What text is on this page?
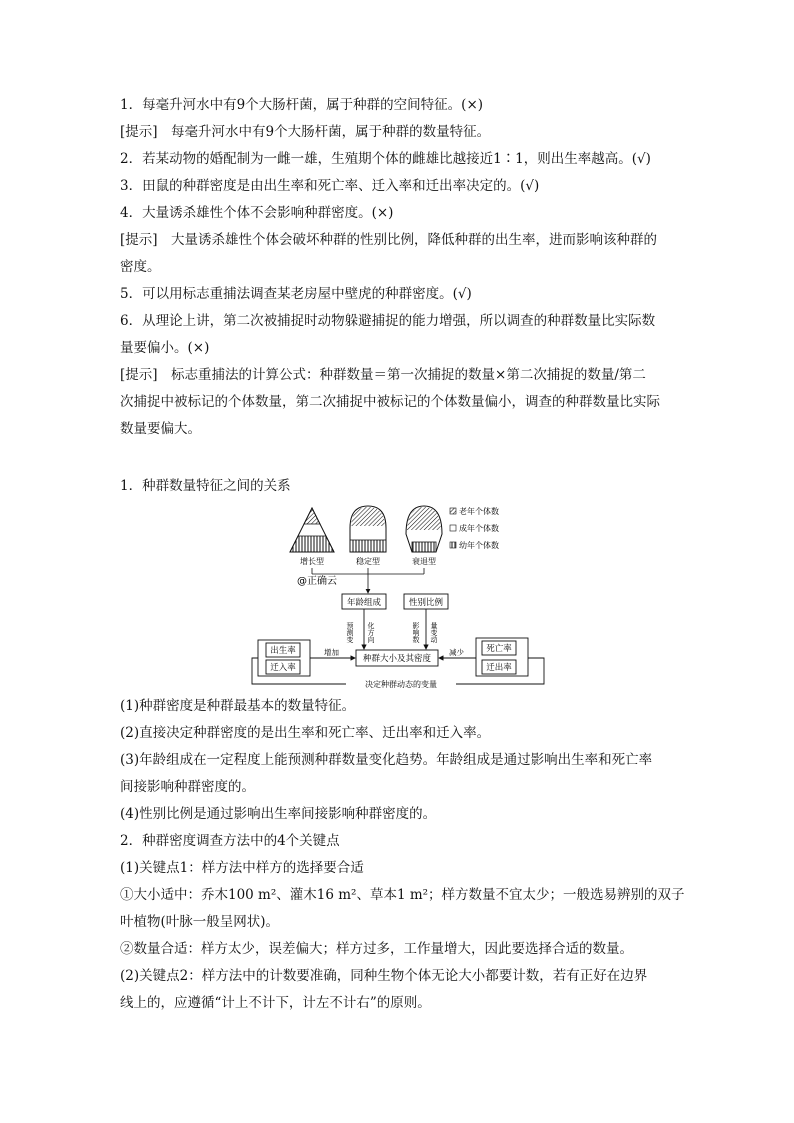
1．每毫升河水中有9个大肠杆菌，属于种群的空间特征。(×)
[提示]　每毫升河水中有9个大肠杆菌，属于种群的数量特征。
2．若某动物的婚配制为一雌一雄，生殖期个体的雌雄比越接近1∶1，则出生率越高。(√)
3．田鼠的种群密度是由出生率和死亡率、迁入率和迁出率决定的。(√)
4．大量诱杀雄性个体不会影响种群密度。(×)
[提示]　大量诱杀雄性个体会破坏种群的性别比例，降低种群的出生率，进而影响该种群的
密度。
5．可以用标志重捕法调查某老房屋中壁虎的种群密度。(√)
6．从理论上讲，第二次被捕捉时动物躲避捕捉的能力增强，所以调查的种群数量比实际数
量要偏小。(×)
[提示]　标志重捕法的计算公式：种群数量＝第一次捕捉的数量×第二次捕捉的数量/第二
次捕捉中被标记的个体数量，第二次捕捉中被标记的个体数量偏小，调查的种群数量比实际
数量要偏大。
1．种群数量特征之间的关系
增长型	稳定型	衰退型
老年个体数
成年个体数
幼年个体数
@正确云
年龄组成	性别比例
预测变 化方向	影响数 量变动
种群大小及其密度
出生率
迁入率
增加	死亡率
迁出率
减少
决定种群动态的变量
(1)种群密度是种群最基本的数量特征。
(2)直接决定种群密度的是出生率和死亡率、迁出率和迁入率。
(3)年龄组成在一定程度上能预测种群数量变化趋势。年龄组成是通过影响出生率和死亡率
间接影响种群密度的。
(4)性别比例是通过影响出生率间接影响种群密度的。
2．种群密度调查方法中的4个关键点
(1)关键点1：样方法中样方的选择要合适
①大小适中：乔木100 m²、灌木16 m²、草本1 m²；样方数量不宜太少；一般选易辨别的双子
叶植物(叶脉一般呈网状)。
②数量合适：样方太少，误差偏大；样方过多，工作量增大，因此要选择合适的数量。
(2)关键点2：样方法中的计数要准确，同种生物个体无论大小都要计数，若有正好在边界
线上的，应遵循“计上不计下，计左不计右”的原则。
